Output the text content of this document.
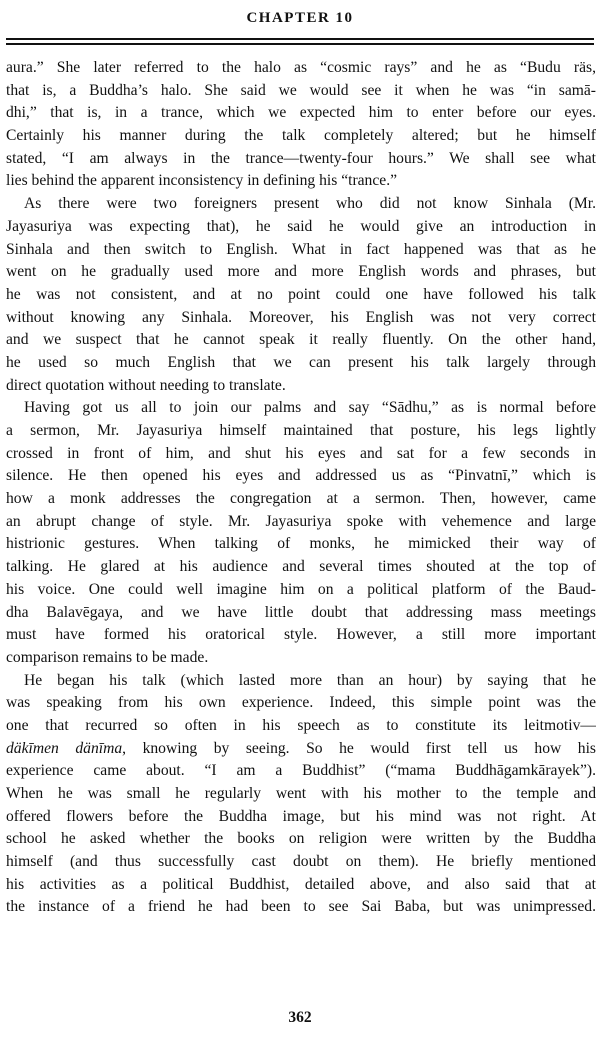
CHAPTER 10
aura.” She later referred to the halo as “cosmic rays” and he as “Budu räs,
that is, a Buddha’s halo. She said we would see it when he was “in samā-
dhi,” that is, in a trance, which we expected him to enter before our eyes.
Certainly his manner during the talk completely altered; but he himself
stated, “I am always in the trance—twenty-four hours.” We shall see what
lies behind the apparent inconsistency in defining his “trance.”
As there were two foreigners present who did not know Sinhala (Mr.
Jayasuriya was expecting that), he said he would give an introduction in
Sinhala and then switch to English. What in fact happened was that as he
went on he gradually used more and more English words and phrases, but
he was not consistent, and at no point could one have followed his talk
without knowing any Sinhala. Moreover, his English was not very correct
and we suspect that he cannot speak it really fluently. On the other hand,
he used so much English that we can present his talk largely through
direct quotation without needing to translate.
Having got us all to join our palms and say “Sādhu,” as is normal before
a sermon, Mr. Jayasuriya himself maintained that posture, his legs lightly
crossed in front of him, and shut his eyes and sat for a few seconds in
silence. He then opened his eyes and addressed us as “Pinvatnī,” which is
how a monk addresses the congregation at a sermon. Then, however, came
an abrupt change of style. Mr. Jayasuriya spoke with vehemence and large
histrionic gestures. When talking of monks, he mimicked their way of
talking. He glared at his audience and several times shouted at the top of
his voice. One could well imagine him on a political platform of the Baud-
dha Balavēgaya, and we have little doubt that addressing mass meetings
must have formed his oratorical style. However, a still more important
comparison remains to be made.
He began his talk (which lasted more than an hour) by saying that he
was speaking from his own experience. Indeed, this simple point was the
one that recurred so often in his speech as to constitute its leitmotiv—
däkīmen dänīma, knowing by seeing. So he would first tell us how his
experience came about. “I am a Buddhist” (“mama Buddhāgamkārayek”).
When he was small he regularly went with his mother to the temple and
offered flowers before the Buddha image, but his mind was not right. At
school he asked whether the books on religion were written by the Buddha
himself (and thus successfully cast doubt on them). He briefly mentioned
his activities as a political Buddhist, detailed above, and also said that at
the instance of a friend he had been to see Sai Baba, but was unimpressed.
362
